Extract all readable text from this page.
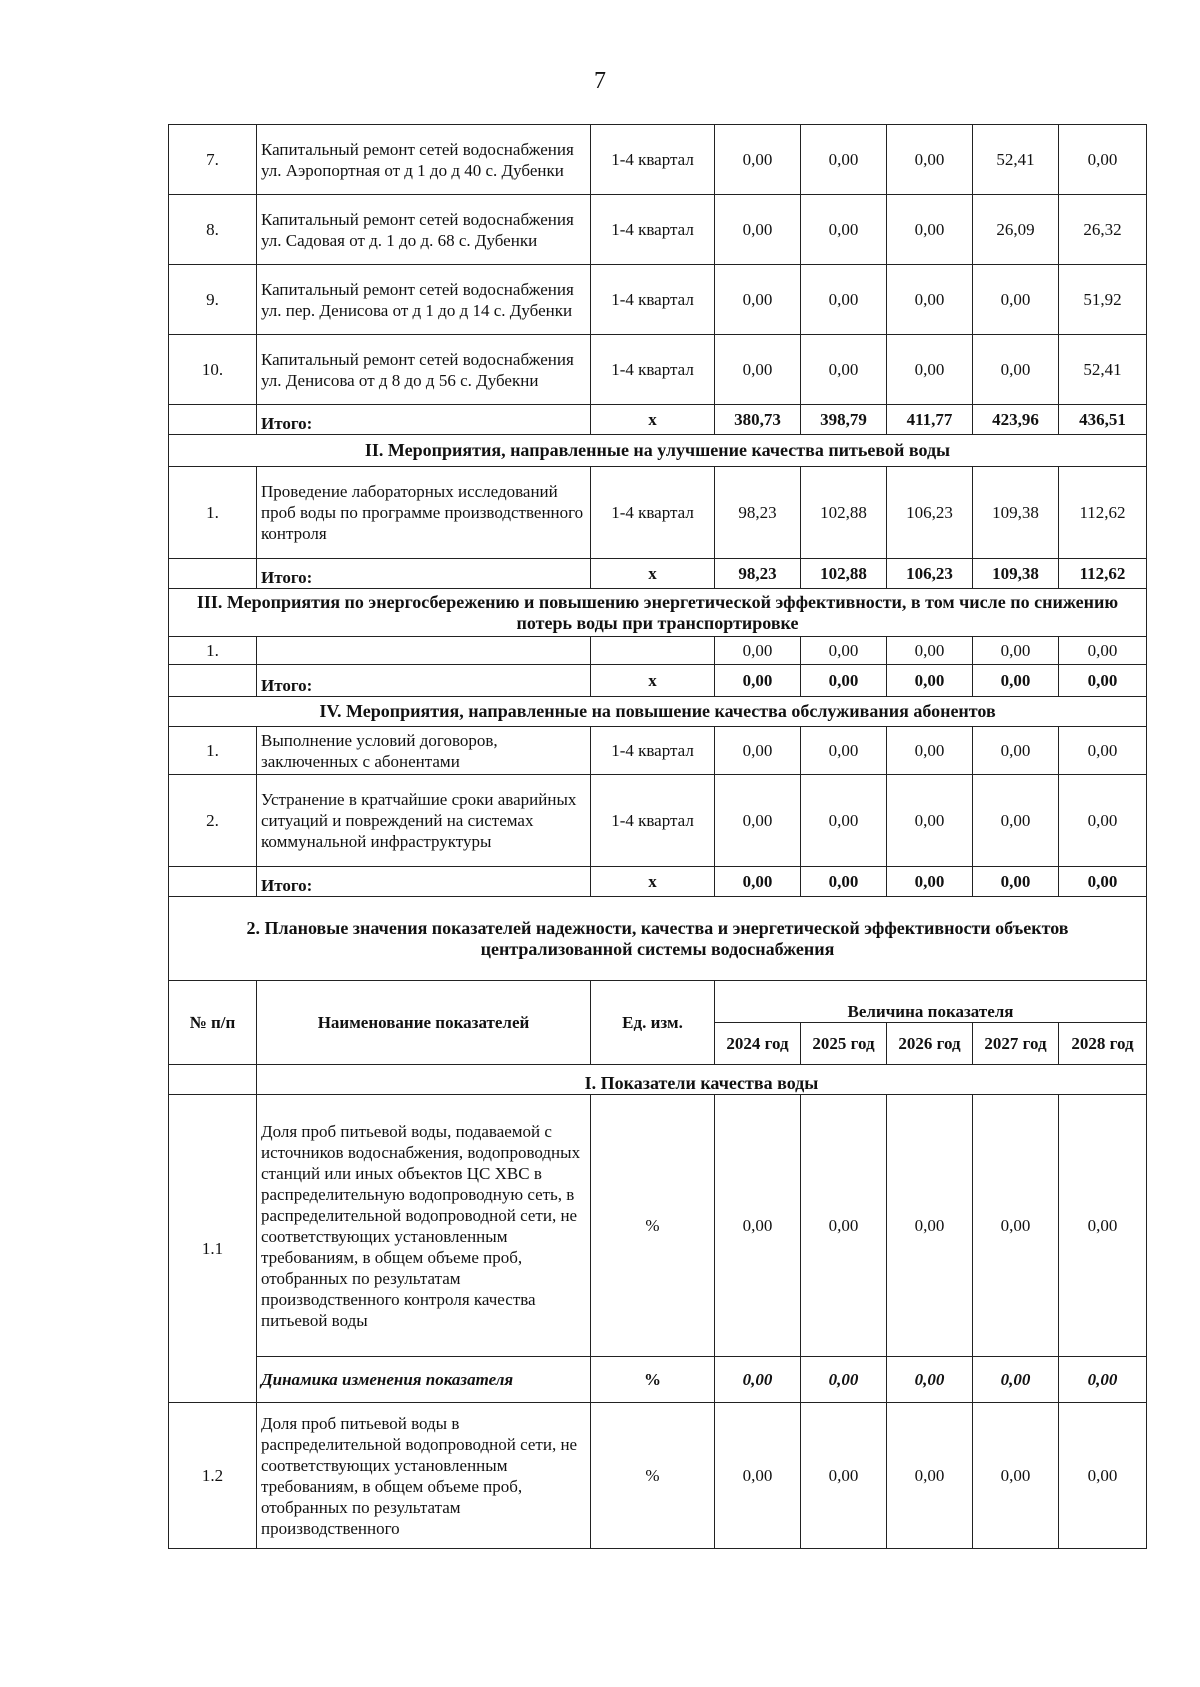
7
7.	Капитальный ремонт сетей водоснабжения ул. Аэропортная от д 1 до д 40 с. Дубенки	1-4 квартал	0,00	0,00	0,00	52,41	0,00
8.	Капитальный ремонт сетей водоснабжения ул. Садовая от д. 1 до д. 68 с. Дубенки	1-4 квартал	0,00	0,00	0,00	26,09	26,32
9.	Капитальный ремонт сетей водоснабжения ул. пер. Денисова от д 1 до д 14 с. Дубенки	1-4 квартал	0,00	0,00	0,00	0,00	51,92
10.	Капитальный ремонт сетей водоснабжения ул. Денисова от д 8 до д 56 с. Дубекни	1-4 квартал	0,00	0,00	0,00	0,00	52,41
	Итого:	х	380,73	398,79	411,77	423,96	436,51
II. Мероприятия, направленные на улучшение качества питьевой воды							
1.	Проведение лабораторных исследований проб воды по программе производственного контроля	1-4 квартал	98,23	102,88	106,23	109,38	112,62
	Итого:	х	98,23	102,88	106,23	109,38	112,62
III. Мероприятия по энергосбережению и повышению энергетической эффективности, в том числе по снижению потерь воды при транспортировке							
1.			0,00	0,00	0,00	0,00	0,00
	Итого:	х	0,00	0,00	0,00	0,00	0,00
IV. Мероприятия, направленные на повышение качества обслуживания абонентов							
1.	Выполнение условий договоров, заключенных с абонентами	1-4 квартал	0,00	0,00	0,00	0,00	0,00
2.	Устранение в кратчайшие сроки аварийных ситуаций и повреждений на системах коммунальной инфраструктуры	1-4 квартал	0,00	0,00	0,00	0,00	0,00
	Итого:	х	0,00	0,00	0,00	0,00	0,00
2. Плановые значения показателей надежности, качества и энергетической эффективности объектов централизованной системы водоснабжения							
№ п/п	Наименование показателей	Ед. изм.	Величина показателя				
			2024 год	2025 год	2026 год	2027 год	2028 год
	I. Показатели качества воды						
1.1	Доля проб питьевой воды, подаваемой с источников водоснабжения, водопроводных станций или иных объектов ЦС ХВС в распределительную водопроводную сеть, в распределительной водопроводной сети, не соответствующих установленным требованиям, в общем объеме проб, отобранных по результатам производственного контроля качества питьевой воды	%	0,00	0,00	0,00	0,00	0,00
	Динамика изменения показателя	%	0,00	0,00	0,00	0,00	0,00
1.2	Доля проб питьевой воды в распределительной водопроводной сети, не соответствующих установленным требованиям, в общем объеме проб, отобранных по результатам производственного	%	0,00	0,00	0,00	0,00	0,00
